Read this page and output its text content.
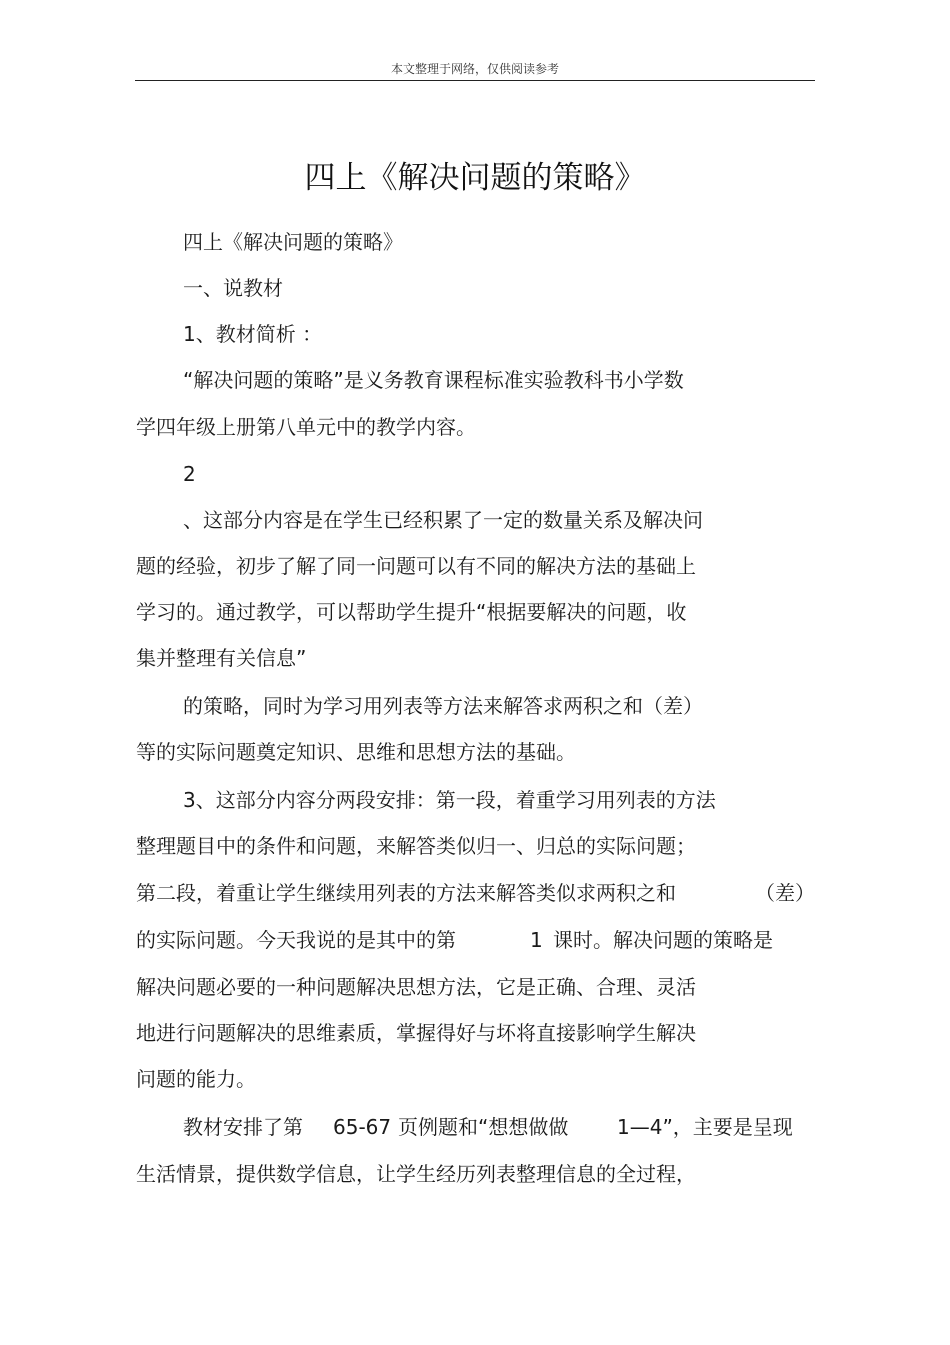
本文整理于网络，仅供阅读参考
四上《解决问题的策略》
四上《解决问题的策略》
一、说教材
1、教材简析 ：
“解决问题的策略”是义务教育课程标准实验教科书小学数
学四年级上册第八单元中的教学内容。
2
、这部分内容是在学生已经积累了一定的数量关系及解决问
题的经验，初步了解了同一问题可以有不同的解决方法的基础上
学习的。通过教学，可以帮助学生提升“根据要解决的问题，收
集并整理有关信息”
的策略，同时为学习用列表等方法来解答求两积之和（差）
等的实际问题奠定知识、思维和思想方法的基础。
3、这部分内容分两段安排：第一段，着重学习用列表的方法
整理题目中的条件和问题，来解答类似归一、归总的实际问题；
第二段，着重让学生继续用列表的方法来解答类似求两积之和	（差）
的实际问题。今天我说的是其中的第	1 课时。解决问题的策略是
解决问题必要的一种问题解决思想方法，它是正确、合理、灵活
地进行问题解决的思维素质，掌握得好与坏将直接影响学生解决
问题的能力。
教材安排了第 65-67 页例题和“想想做做 1—4”，主要是呈现
生活情景，提供数学信息，让学生经历列表整理信息的全过程，
